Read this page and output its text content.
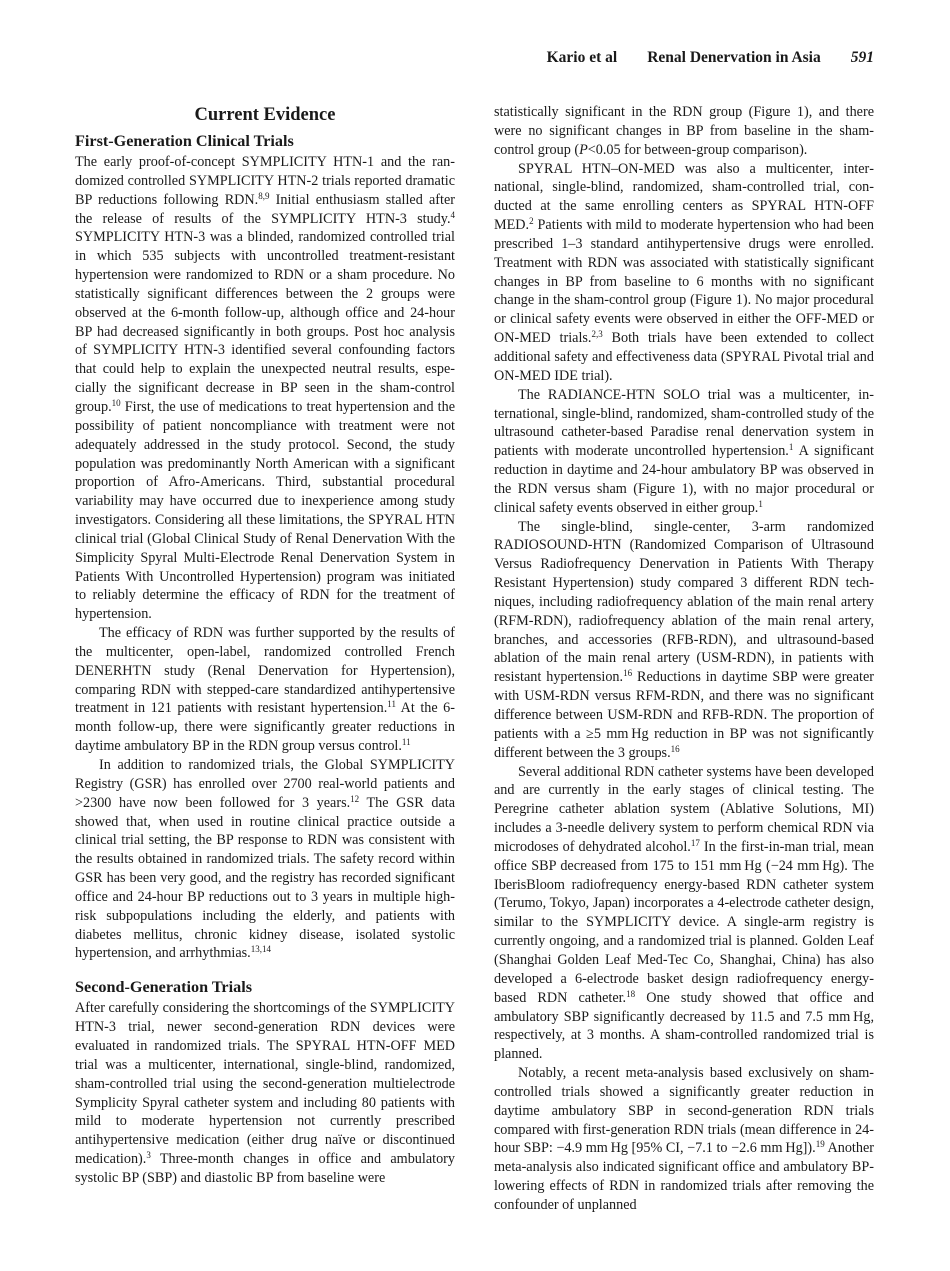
Kario et al Renal Denervation in Asia 591
Current Evidence
First-Generation Clinical Trials

The early proof-of-concept SYMPLICITY HTN-1 and the randomized controlled SYMPLICITY HTN-2 trials reported dramatic BP reductions following RDN.$^{8,9}$ Initial enthusiasm stalled after the release of results of the SYMPLICITY HTN-3 study.$^4$ SYMPLICITY HTN-3 was a blinded, randomized controlled trial in which 535 subjects with uncontrolled treatment-resistant hypertension were randomized to RDN or a sham procedure. No statistically significant differences between the 2 groups were observed at the 6-month follow-up, although office and 24-hour BP had decreased significantly in both groups. Post hoc analysis of SYMPLICITY HTN-3 identified several confounding factors that could help to explain the unexpected neutral results, especially the significant decrease in BP seen in the sham-control group.$^{10}$ First, the use of medications to treat hypertension and the possibility of patient noncompliance with treatment were not adequately addressed in the study protocol. Second, the study population was predominantly North American with a significant proportion of Afro-Americans. Third, substantial procedural variability may have occurred due to inexperience among study investigators. Considering all these limitations, the SPYRAL HTN clinical trial (Global Clinical Study of Renal Denervation With the Simplicity Spyral Multi-Electrode Renal Denervation System in Patients With Uncontrolled Hypertension) program was initiated to reliably determine the efficacy of RDN for the treatment of hypertension.

The efficacy of RDN was further supported by the results of the multicenter, open-label, randomized controlled French DENERHTN study (Renal Denervation for Hypertension), comparing RDN with stepped-care standardized antihypertensive treatment in 121 patients with resistant hypertension.$^{11}$ At the 6-month follow-up, there were significantly greater reductions in daytime ambulatory BP in the RDN group versus control.$^{11}$

In addition to randomized trials, the Global SYMPLICITY Registry (GSR) has enrolled over 2700 real-world patients and >2300 have now been followed for 3 years.$^{12}$ The GSR data showed that, when used in routine clinical practice outside a clinical trial setting, the BP response to RDN was consistent with the results obtained in randomized trials. The safety record within GSR has been very good, and the registry has recorded significant office and 24-hour BP reductions out to 3 years in multiple high-risk subpopulations including the elderly, and patients with diabetes mellitus, chronic kidney disease, isolated systolic hypertension, and arrhythmias.$^{13,14}$

Second-Generation Trials

After carefully considering the shortcomings of the SYMPLICITY HTN-3 trial, newer second-generation RDN devices were evaluated in randomized trials. The SPYRAL HTN-OFF MED trial was a multicenter, international, single-blind, randomized, sham-controlled trial using the second-generation multielectrode Symplicity Spyral catheter system and including 80 patients with mild to moderate hypertension not currently prescribed antihypertensive medication (either drug naïve or discontinued medication).$^3$ Three-month changes in office and ambulatory systolic BP (SBP) and diastolic BP from baseline were

statistically significant in the RDN group (Figure 1), and there were no significant changes in BP from baseline in the sham-control group (P<0.05 for between-group comparison).

SPYRAL HTN–ON-MED was also a multicenter, international, single-blind, randomized, sham-controlled trial, conducted at the same enrolling centers as SPYRAL HTN-OFF MED.$^2$ Patients with mild to moderate hypertension who had been prescribed 1–3 standard antihypertensive drugs were enrolled. Treatment with RDN was associated with statistically significant changes in BP from baseline to 6 months with no significant change in the sham-control group (Figure 1). No major procedural or clinical safety events were observed in either the OFF-MED or ON-MED trials.$^{2,3}$ Both trials have been extended to collect additional safety and effectiveness data (SPYRAL Pivotal trial and ON-MED IDE trial).

The RADIANCE-HTN SOLO trial was a multicenter, international, single-blind, randomized, sham-controlled study of the ultrasound catheter-based Paradise renal denervation system in patients with moderate uncontrolled hypertension.$^1$ A significant reduction in daytime and 24-hour ambulatory BP was observed in the RDN versus sham (Figure 1), with no major procedural or clinical safety events observed in either group.$^1$

The single-blind, single-center, 3-arm randomized RADIOSOUND-HTN (Randomized Comparison of Ultrasound Versus Radiofrequency Denervation in Patients With Therapy Resistant Hypertension) study compared 3 different RDN techniques, including radiofrequency ablation of the main renal artery (RFM-RDN), radiofrequency ablation of the main renal artery, branches, and accessories (RFB-RDN), and ultrasound-based ablation of the main renal artery (USM-RDN), in patients with resistant hypertension.$^{16}$ Reductions in daytime SBP were greater with USM-RDN versus RFM-RDN, and there was no significant difference between USM-RDN and RFB-RDN. The proportion of patients with a ≥5 mm Hg reduction in BP was not significantly different between the 3 groups.$^{16}$

Several additional RDN catheter systems have been developed and are currently in the early stages of clinical testing. The Peregrine catheter ablation system (Ablative Solutions, MI) includes a 3-needle delivery system to perform chemical RDN via microdoses of dehydrated alcohol.$^{17}$ In the first-in-man trial, mean office SBP decreased from 175 to 151 mm Hg (−24 mm Hg). The IberisBloom radiofrequency energy-based RDN catheter system (Terumo, Tokyo, Japan) incorporates a 4-electrode catheter design, similar to the SYMPLICITY device. A single-arm registry is currently ongoing, and a randomized trial is planned. Golden Leaf (Shanghai Golden Leaf Med-Tec Co, Shanghai, China) has also developed a 6-electrode basket design radiofrequency energy-based RDN catheter.$^{18}$ One study showed that office and ambulatory SBP significantly decreased by 11.5 and 7.5 mm Hg, respectively, at 3 months. A sham-controlled randomized trial is planned.

Notably, a recent meta-analysis based exclusively on sham-controlled trials showed a significantly greater reduction in daytime ambulatory SBP in second-generation RDN trials compared with first-generation RDN trials (mean difference in 24-hour SBP: −4.9 mm Hg [95% CI, −7.1 to −2.6 mm Hg]).$^{19}$ Another meta-analysis also indicated significant office and ambulatory BP-lowering effects of RDN in randomized trials after removing the confounder of unplanned
